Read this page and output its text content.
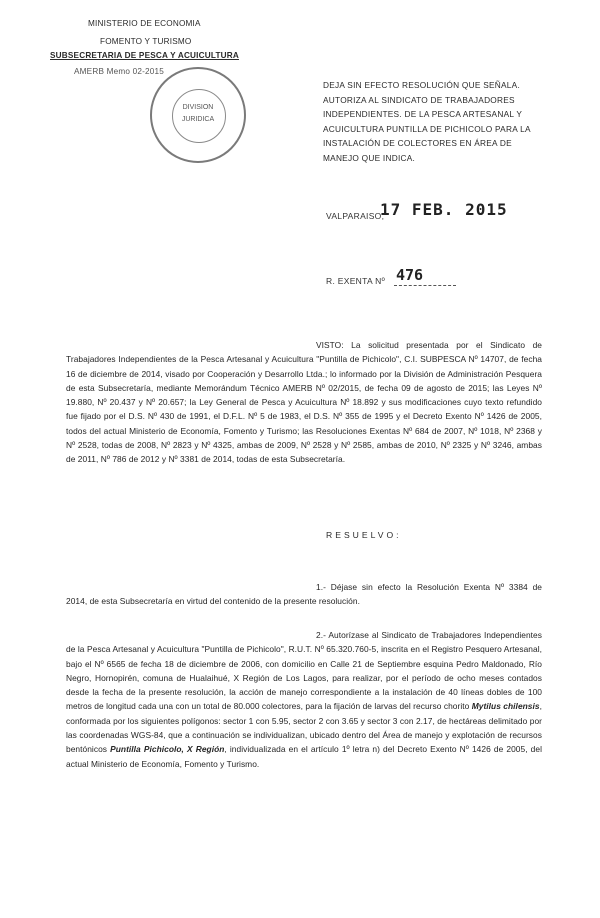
MINISTERIO DE ECONOMIA
FOMENTO Y TURISMO
SUBSECRETARIA DE PESCA Y ACUICULTURA
AMERB Memo 02-2015
DIVISION
JURIDICA
DEJA SIN EFECTO RESOLUCIÓN QUE SEÑALA. AUTORIZA AL SINDICATO DE TRABAJADORES INDEPENDIENTES. DE LA PESCA ARTESANAL Y ACUICULTURA PUNTILLA DE PICHICOLO PARA LA INSTALACIÓN DE COLECTORES EN ÁREA DE MANEJO QUE INDICA.
VALPARAISO,
17 FEB. 2015
R. EXENTA Nº 476
VISTO: La solicitud presentada por el Sindicato de Trabajadores Independientes de la Pesca Artesanal y Acuicultura "Puntilla de Pichicolo", C.I. SUBPESCA Nº 14707, de fecha 16 de diciembre de 2014, visado por Cooperación y Desarrollo Ltda.; lo informado por la División de Administración Pesquera de esta Subsecretaría, mediante Memorándum Técnico AMERB Nº 02/2015, de fecha 09 de agosto de 2015; las Leyes Nº 19.880, Nº 20.437 y Nº 20.657; la Ley General de Pesca y Acuicultura Nº 18.892 y sus modificaciones cuyo texto refundido fue fijado por el D.S. Nº 430 de 1991, el D.F.L. Nº 5 de 1983, el D.S. Nº 355 de 1995 y el Decreto Exento Nº 1426 de 2005, todos del actual Ministerio de Economía, Fomento y Turismo; las Resoluciones Exentas Nº 684 de 2007, Nº 1018, Nº 2368 y Nº 2528, todas de 2008, Nº 2823 y Nº 4325, ambas de 2009, Nº 2528 y Nº 2585, ambas de 2010, Nº 2325 y Nº 3246, ambas de 2011, Nº 786 de 2012 y Nº 3381 de 2014, todas de esta Subsecretaría.
RESUELVO:
1.- Déjase sin efecto la Resolución Exenta Nº 3384 de 2014, de esta Subsecretaría en virtud del contenido de la presente resolución.
2.- Autorízase al Sindicato de Trabajadores Independientes de la Pesca Artesanal y Acuicultura "Puntilla de Pichicolo", R.U.T. Nº 65.320.760-5, inscrita en el Registro Pesquero Artesanal, bajo el Nº 6565 de fecha 18 de diciembre de 2006, con domicilio en Calle 21 de Septiembre esquina Pedro Maldonado, Río Negro, Hornopirén, comuna de Hualaihué, X Región de Los Lagos, para realizar, por el período de ocho meses contados desde la fecha de la presente resolución, la acción de manejo correspondiente a la instalación de 40 líneas dobles de 100 metros de longitud cada una con un total de 80.000 colectores, para la fijación de larvas del recurso chorito Mytilus chilensis, conformada por los siguientes polígonos: sector 1 con 5.95, sector 2 con 3.65 y sector 3 con 2.17, de hectáreas delimitado por las coordenadas WGS-84, que a continuación se individualizan, ubicado dentro del Área de manejo y explotación de recursos bentónicos Puntilla Pichicolo, X Región, individualizada en el artículo 1º letra n) del Decreto Exento Nº 1426 de 2005, del actual Ministerio de Economía, Fomento y Turismo.
